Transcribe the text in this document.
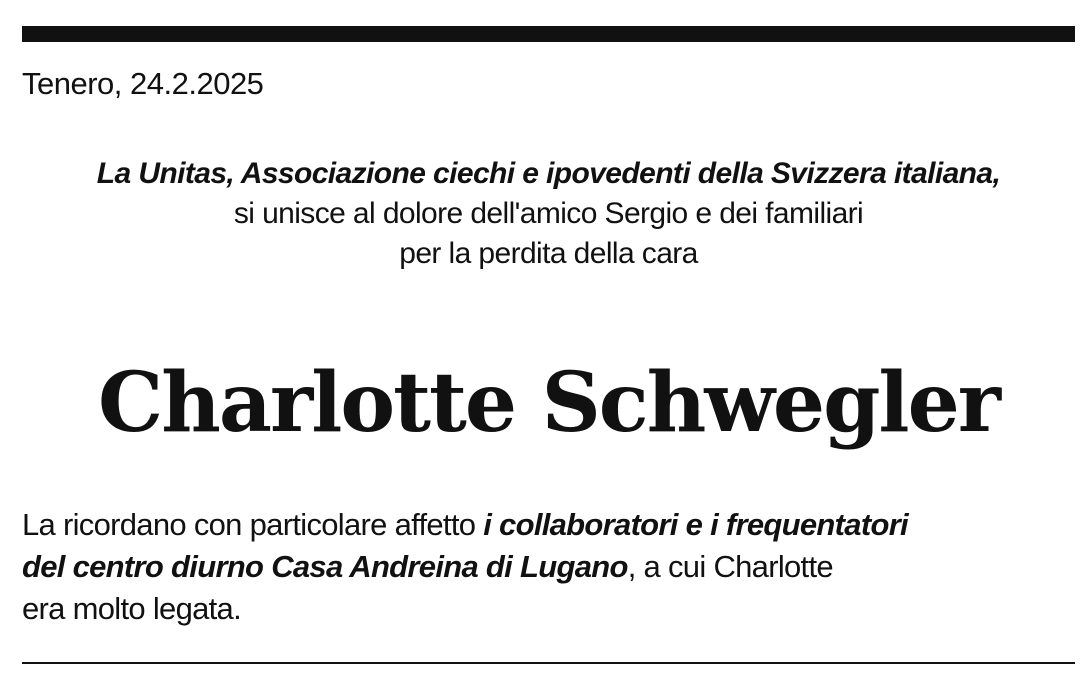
Tenero, 24.2.2025
La Unitas, Associazione ciechi e ipovedenti della Svizzera italiana,
si unisce al dolore dell'amico Sergio e dei familiari
per la perdita della cara
Charlotte Schwegler
La ricordano con particolare affetto i collaboratori e i frequentatori
del centro diurno Casa Andreina di Lugano, a cui Charlotte
era molto legata.
